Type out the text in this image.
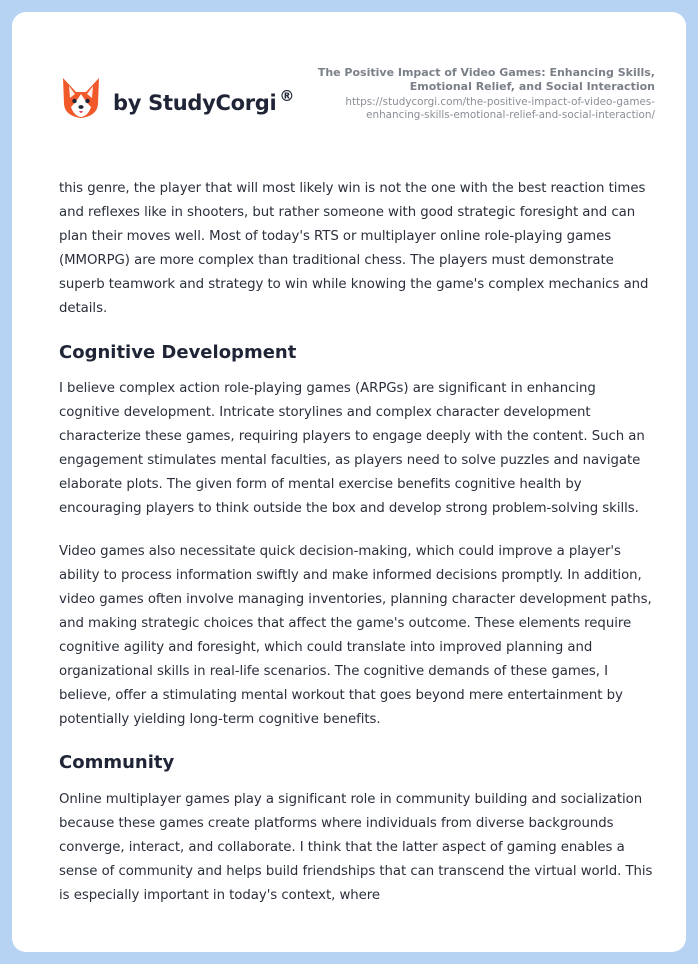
by StudyCorgi ®
The Positive Impact of Video Games: Enhancing Skills, Emotional Relief, and Social Interaction
https://studycorgi.com/the-positive-impact-of-video-games-enhancing-skills-emotional-relief-and-social-interaction/

this genre, the player that will most likely win is not the one with the best reaction times and reflexes like in shooters, but rather someone with good strategic foresight and can plan their moves well. Most of today's RTS or multiplayer online role-playing games (MMORPG) are more complex than traditional chess. The players must demonstrate superb teamwork and strategy to win while knowing the game's complex mechanics and details.

Cognitive Development

I believe complex action role-playing games (ARPGs) are significant in enhancing cognitive development. Intricate storylines and complex character development characterize these games, requiring players to engage deeply with the content. Such an engagement stimulates mental faculties, as players need to solve puzzles and navigate elaborate plots. The given form of mental exercise benefits cognitive health by encouraging players to think outside the box and develop strong problem-solving skills.

Video games also necessitate quick decision-making, which could improve a player's ability to process information swiftly and make informed decisions promptly. In addition, video games often involve managing inventories, planning character development paths, and making strategic choices that affect the game's outcome. These elements require cognitive agility and foresight, which could translate into improved planning and organizational skills in real-life scenarios. The cognitive demands of these games, I believe, offer a stimulating mental workout that goes beyond mere entertainment by potentially yielding long-term cognitive benefits.

Community

Online multiplayer games play a significant role in community building and socialization because these games create platforms where individuals from diverse backgrounds converge, interact, and collaborate. I think that the latter aspect of gaming enables a sense of community and helps build friendships that can transcend the virtual world. This is especially important in today's context, where
